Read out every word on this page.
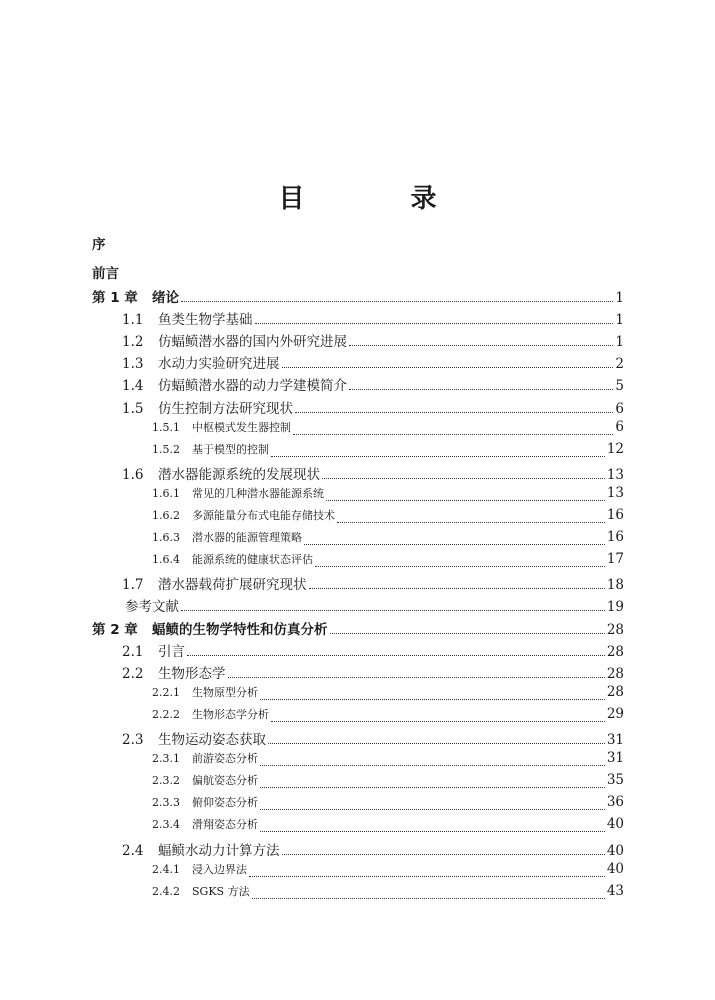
目　录
序
前言
第 1 章	绪论	1
1.1	鱼类生物学基础	1
1.2	仿蝠鲼潜水器的国内外研究进展	1
1.3	水动力实验研究进展	2
1.4	仿蝠鲼潜水器的动力学建模简介	5
1.5	仿生控制方法研究现状	6
1.5.1	中枢模式发生器控制	6
1.5.2	基于模型的控制	12
1.6	潜水器能源系统的发展现状	13
1.6.1	常见的几种潜水器能源系统	13
1.6.2	多源能量分布式电能存储技术	16
1.6.3	潜水器的能源管理策略	16
1.6.4	能源系统的健康状态评估	17
1.7	潜水器载荷扩展研究现状	18
参考文献	19
第 2 章	蝠鲼的生物学特性和仿真分析	28
2.1	引言	28
2.2	生物形态学	28
2.2.1	生物原型分析	28
2.2.2	生物形态学分析	29
2.3	生物运动姿态获取	31
2.3.1	前游姿态分析	31
2.3.2	偏航姿态分析	35
2.3.3	俯仰姿态分析	36
2.3.4	滑翔姿态分析	40
2.4	蝠鲼水动力计算方法	40
2.4.1	浸入边界法	40
2.4.2	SGKS 方法	43
